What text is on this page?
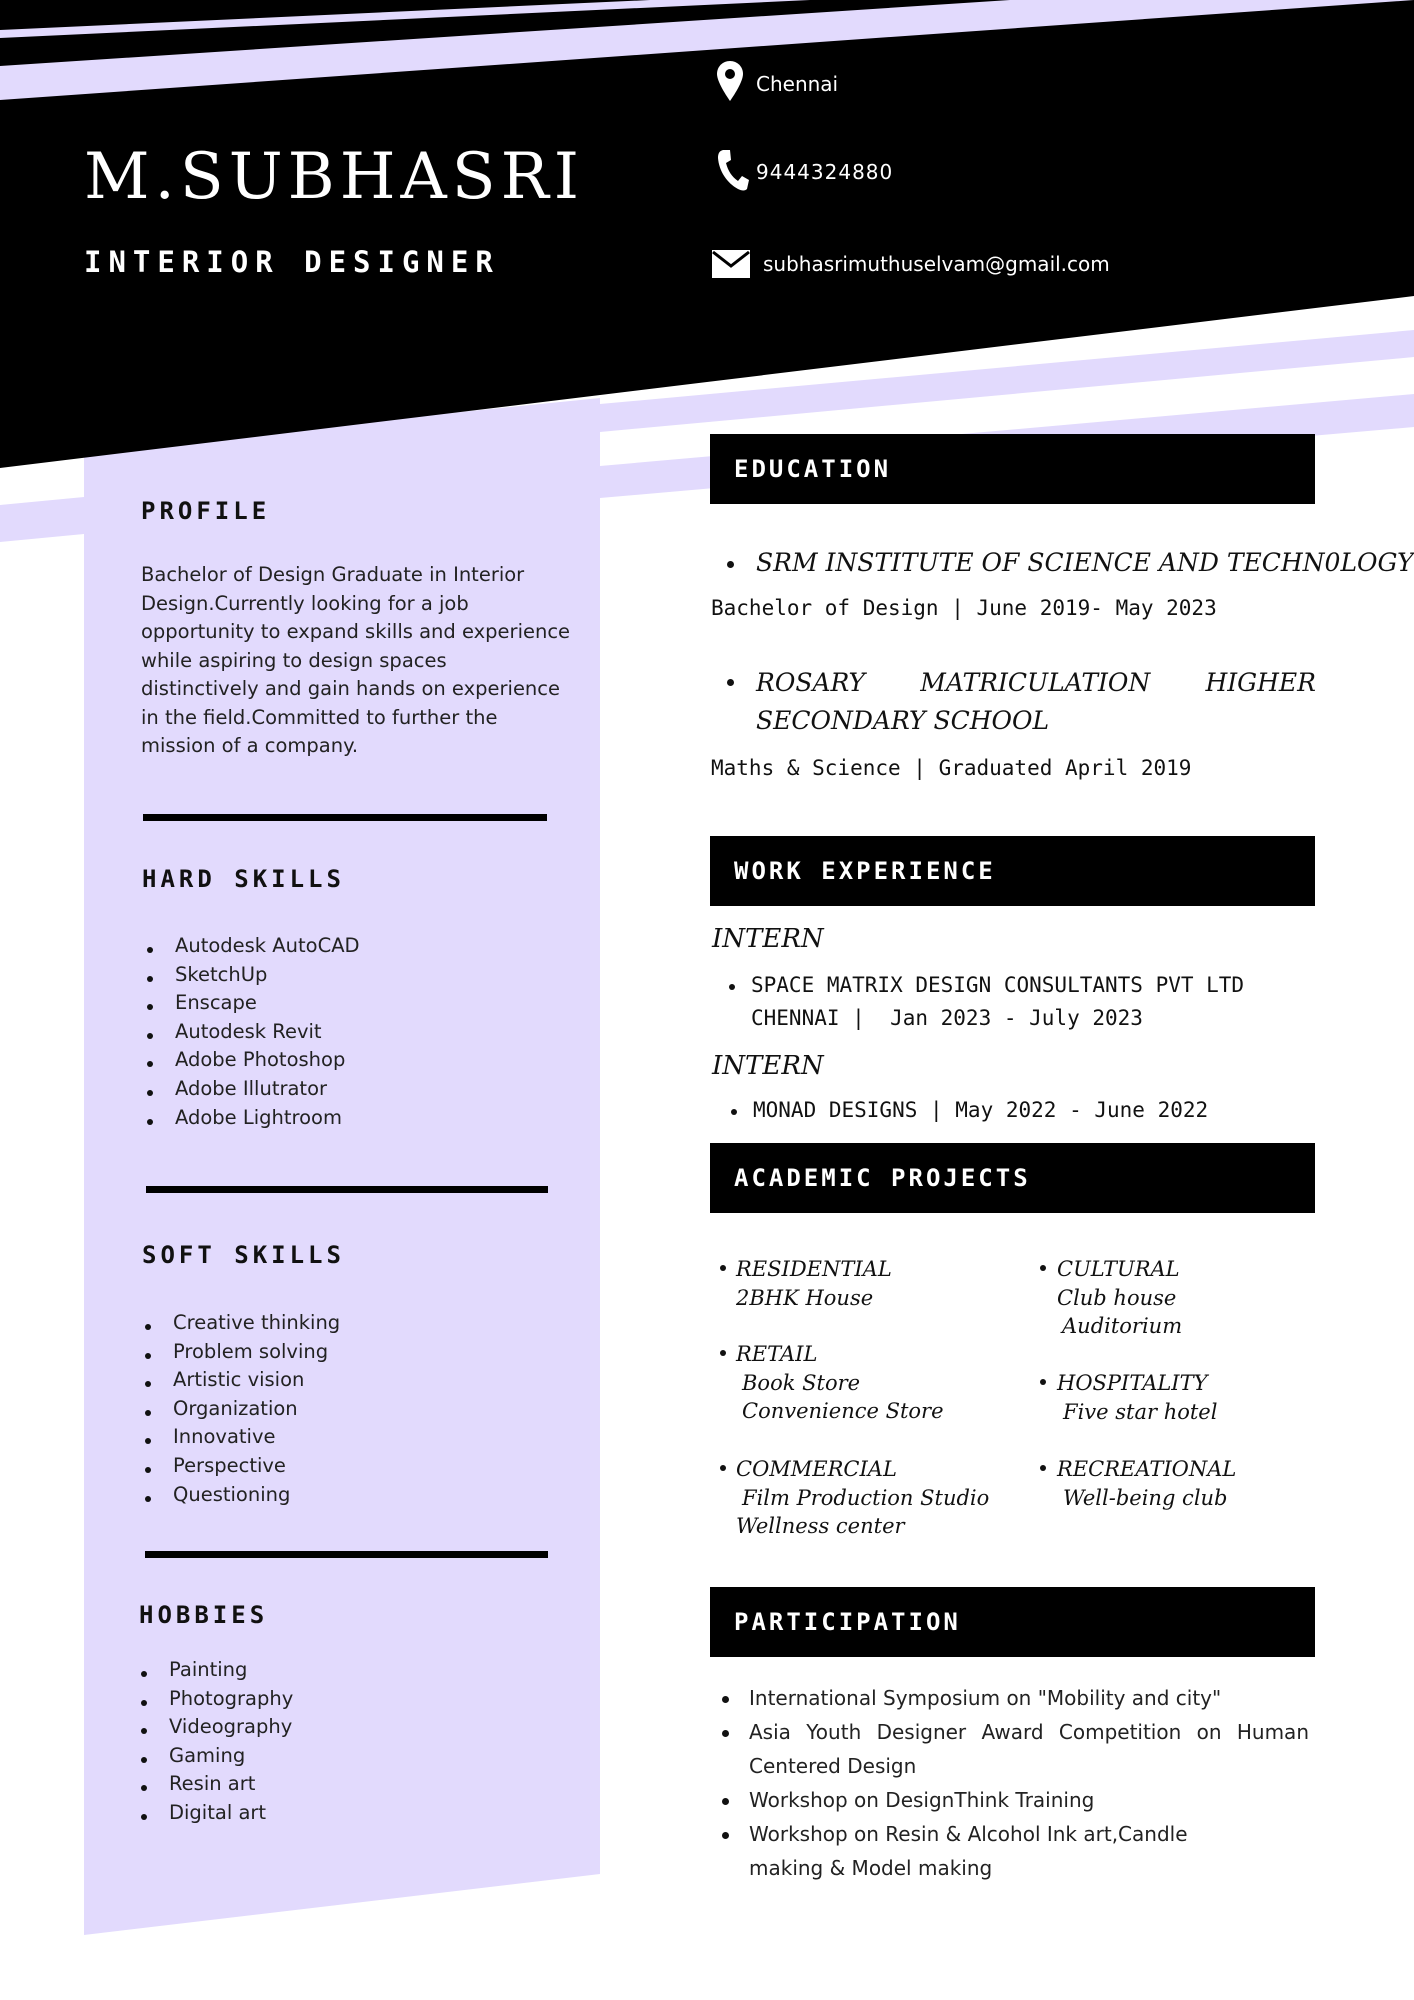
M.SUBHASRI
INTERIOR DESIGNER
Chennai
9444324880
subhasrimuthuselvam@gmail.com
PROFILE
Bachelor of Design Graduate in Interior
Design.Currently looking for a job
opportunity to expand skills and experience
while aspiring to design spaces
distinctively and gain hands on experience
in the field.Committed to further the
mission of a company.
HARD SKILLS
Autodesk AutoCAD
SketchUp
Enscape
Autodesk Revit
Adobe Photoshop
Adobe Illutrator
Adobe Lightroom
SOFT SKILLS
Creative thinking
Problem solving
Artistic vision
Organization
Innovative
Perspective
Questioning
HOBBIES
Painting
Photography
Videography
Gaming
Resin art
Digital art
EDUCATION
SRM INSTITUTE OF SCIENCE AND TECHN0LOGY
Bachelor of Design | June 2019- May 2023
ROSARY MATRICULATION HIGHER
SECONDARY SCHOOL
Maths & Science | Graduated April 2019
WORK EXPERIENCE
INTERN
SPACE MATRIX DESIGN CONSULTANTS PVT LTD
CHENNAI |  Jan 2023 - July 2023
INTERN
MONAD DESIGNS | May 2022 - June 2022
ACADEMIC PROJECTS
RESIDENTIAL
2BHK House
RETAIL
Book Store
Convenience Store
COMMERCIAL
Film Production Studio
Wellness center
CULTURAL
Club house
Auditorium
HOSPITALITY
Five star hotel
RECREATIONAL
Well-being club
PARTICIPATION
International Symposium on "Mobility and city"
Asia Youth Designer Award Competition on Human Centered Design
Workshop on DesignThink Training
Workshop on Resin & Alcohol Ink art,Candle making & Model making
